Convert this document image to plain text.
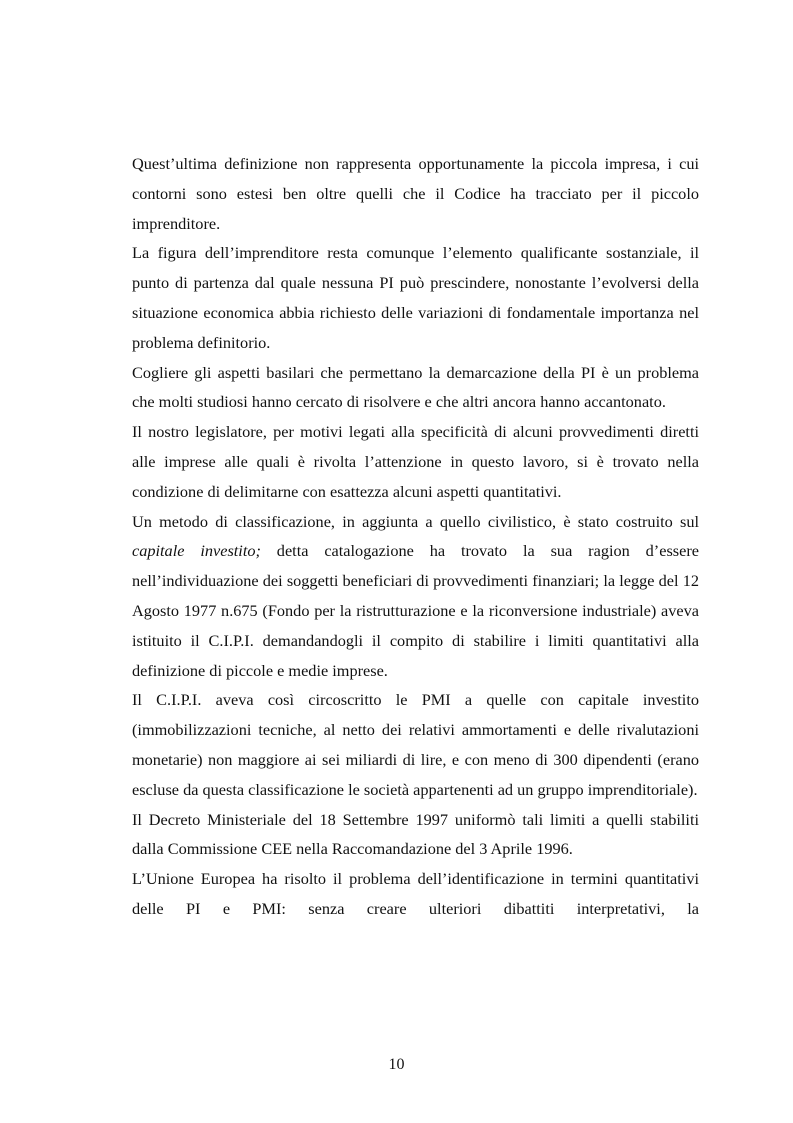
Quest’ultima definizione non rappresenta opportunamente la piccola impresa, i cui contorni sono estesi ben oltre quelli che il Codice ha tracciato per il piccolo imprenditore.

La figura dell’imprenditore resta comunque l’elemento qualificante sostanziale, il punto di partenza dal quale nessuna PI può prescindere, nonostante l’evolversi della situazione economica abbia richiesto delle variazioni di fondamentale importanza nel problema definitorio.

Cogliere gli aspetti basilari che permettano la demarcazione della PI è un problema che molti studiosi hanno cercato di risolvere e che altri ancora hanno accantonato.

Il nostro legislatore, per motivi legati alla specificità di alcuni provvedimenti diretti alle imprese alle quali è rivolta l’attenzione in questo lavoro, si è trovato nella condizione di delimitarne con esattezza alcuni aspetti quantitativi.

Un metodo di classificazione, in aggiunta a quello civilistico, è stato costruito sul capitale investito; detta catalogazione ha trovato la sua ragion d’essere nell’individuazione dei soggetti beneficiari di provvedimenti finanziari; la legge del 12 Agosto 1977 n.675 (Fondo per la ristrutturazione e la riconversione industriale) aveva istituito il C.I.P.I. demandandogli il compito di stabilire i limiti quantitativi alla definizione di piccole e medie imprese.

Il C.I.P.I. aveva così circoscritto le PMI a quelle con capitale investito (immobilizzazioni tecniche, al netto dei relativi ammortamenti e delle rivalutazioni monetarie) non maggiore ai sei miliardi di lire, e con meno di 300 dipendenti (erano escluse da questa classificazione le società appartenenti ad un gruppo imprenditoriale).

Il Decreto Ministeriale del 18 Settembre 1997 uniformò tali limiti a quelli stabiliti dalla Commissione CEE nella Raccomandazione del 3 Aprile 1996.

L’Unione Europea ha risolto il problema dell’identificazione in termini quantitativi delle PI e PMI: senza creare ulteriori dibattiti interpretativi, la

10
